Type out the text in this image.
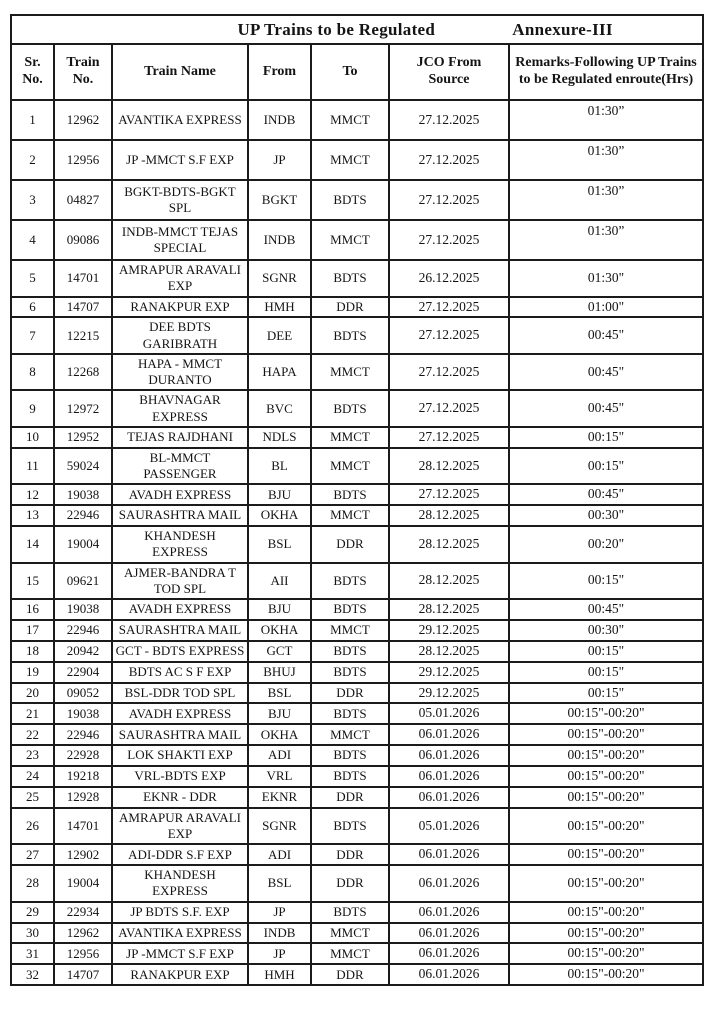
UP Trains to be Regulated Annexure-III						

Sr. No.	Train No.	Train Name	From	To	JCO From Source	Remarks-Following UP Trains to be Regulated enroute(Hrs)
1	12962	AVANTIKA EXPRESS	INDB	MMCT	27.12.2025	01:30”
2	12956	JP -MMCT S.F EXP	JP	MMCT	27.12.2025	01:30”
3	04827	BGKT-BDTS-BGKT SPL	BGKT	BDTS	27.12.2025	01:30”
4	09086	INDB-MMCT TEJAS SPECIAL	INDB	MMCT	27.12.2025	01:30”
5	14701	AMRAPUR ARAVALI EXP	SGNR	BDTS	26.12.2025	01:30"
6	14707	RANAKPUR EXP	HMH	DDR	27.12.2025	01:00"
7	12215	DEE BDTS GARIBRATH	DEE	BDTS	27.12.2025	00:45"
8	12268	HAPA - MMCT DURANTO	HAPA	MMCT	27.12.2025	00:45"
9	12972	BHAVNAGAR EXPRESS	BVC	BDTS	27.12.2025	00:45"
10	12952	TEJAS RAJDHANI	NDLS	MMCT	27.12.2025	00:15"
11	59024	BL-MMCT PASSENGER	BL	MMCT	28.12.2025	00:15"
12	19038	AVADH EXPRESS	BJU	BDTS	27.12.2025	00:45"
13	22946	SAURASHTRA MAIL	OKHA	MMCT	28.12.2025	00:30"
14	19004	KHANDESH EXPRESS	BSL	DDR	28.12.2025	00:20"
15	09621	AJMER-BANDRA T TOD SPL	AII	BDTS	28.12.2025	00:15"
16	19038	AVADH EXPRESS	BJU	BDTS	28.12.2025	00:45"
17	22946	SAURASHTRA MAIL	OKHA	MMCT	29.12.2025	00:30"
18	20942	GCT - BDTS EXPRESS	GCT	BDTS	28.12.2025	00:15"
19	22904	BDTS AC S F EXP	BHUJ	BDTS	29.12.2025	00:15"
20	09052	BSL-DDR TOD SPL	BSL	DDR	29.12.2025	00:15"
21	19038	AVADH EXPRESS	BJU	BDTS	05.01.2026	00:15"-00:20"
22	22946	SAURASHTRA MAIL	OKHA	MMCT	06.01.2026	00:15"-00:20"
23	22928	LOK SHAKTI EXP	ADI	BDTS	06.01.2026	00:15"-00:20"
24	19218	VRL-BDTS EXP	VRL	BDTS	06.01.2026	00:15"-00:20"
25	12928	EKNR - DDR	EKNR	DDR	06.01.2026	00:15"-00:20"
26	14701	AMRAPUR ARAVALI EXP	SGNR	BDTS	05.01.2026	00:15"-00:20"
27	12902	ADI-DDR S.F EXP	ADI	DDR	06.01.2026	00:15"-00:20"
28	19004	KHANDESH EXPRESS	BSL	DDR	06.01.2026	00:15"-00:20"
29	22934	JP BDTS S.F. EXP	JP	BDTS	06.01.2026	00:15"-00:20"
30	12962	AVANTIKA EXPRESS	INDB	MMCT	06.01.2026	00:15"-00:20"
31	12956	JP -MMCT S.F EXP	JP	MMCT	06.01.2026	00:15"-00:20"
32	14707	RANAKPUR EXP	HMH	DDR	06.01.2026	00:15"-00:20"
